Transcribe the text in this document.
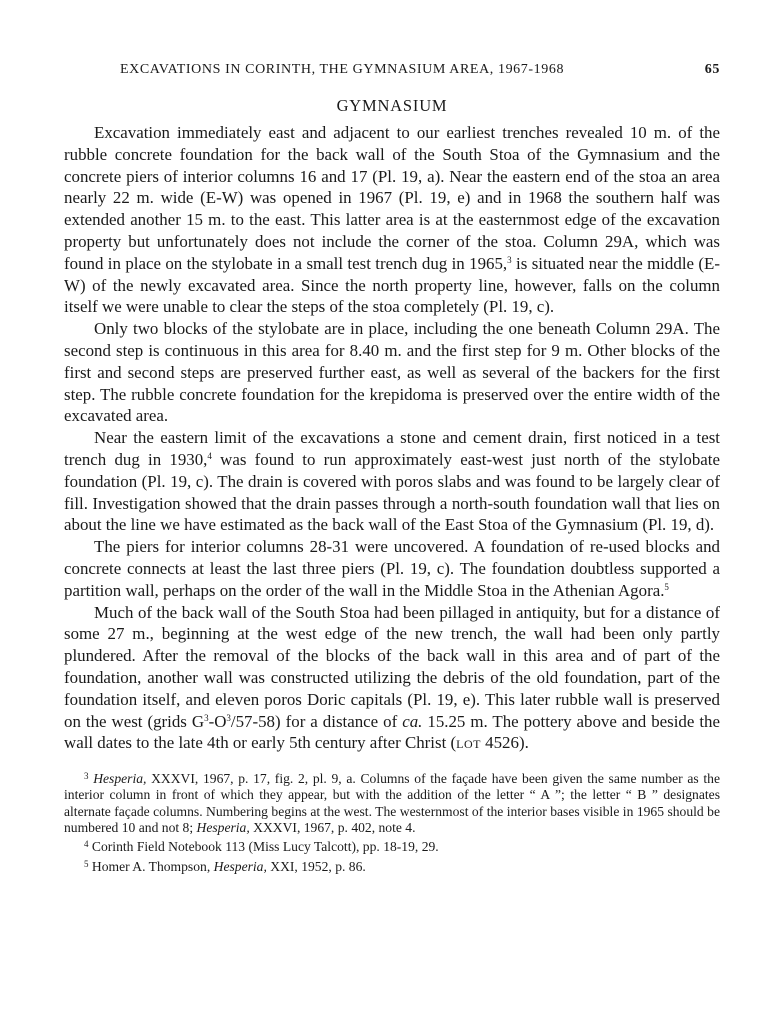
EXCAVATIONS IN CORINTH, THE GYMNASIUM AREA, 1967-1968	65
GYMNASIUM

Excavation immediately east and adjacent to our earliest trenches revealed 10 m. of the rubble concrete foundation for the back wall of the South Stoa of the Gymnasium and the concrete piers of interior columns 16 and 17 (Pl. 19, a). Near the eastern end of the stoa an area nearly 22 m. wide (E-W) was opened in 1967 (Pl. 19, e) and in 1968 the southern half was extended another 15 m. to the east. This latter area is at the easternmost edge of the excavation property but unfortunately does not include the corner of the stoa. Column 29A, which was found in place on the stylobate in a small test trench dug in 1965,$^3$ is situated near the middle (E-W) of the newly excavated area. Since the north property line, however, falls on the column itself we were unable to clear the steps of the stoa completely (Pl. 19, c).

Only two blocks of the stylobate are in place, including the one beneath Column 29A. The second step is continuous in this area for 8.40 m. and the first step for 9 m. Other blocks of the first and second steps are preserved further east, as well as several of the backers for the first step. The rubble concrete foundation for the krepidoma is preserved over the entire width of the excavated area.

Near the eastern limit of the excavations a stone and cement drain, first noticed in a test trench dug in 1930,$^4$ was found to run approximately east-west just north of the stylobate foundation (Pl. 19, c). The drain is covered with poros slabs and was found to be largely clear of fill. Investigation showed that the drain passes through a north-south foundation wall that lies on about the line we have estimated as the back wall of the East Stoa of the Gymnasium (Pl. 19, d).

The piers for interior columns 28-31 were uncovered. A foundation of re-used blocks and concrete connects at least the last three piers (Pl. 19, c). The foundation doubtless supported a partition wall, perhaps on the order of the wall in the Middle Stoa in the Athenian Agora.$^5$

Much of the back wall of the South Stoa had been pillaged in antiquity, but for a distance of some 27 m., beginning at the west edge of the new trench, the wall had been only partly plundered. After the removal of the blocks of the back wall in this area and of part of the foundation, another wall was constructed utilizing the debris of the old foundation, part of the foundation itself, and eleven poros Doric capitals (Pl. 19, e). This later rubble wall is preserved on the west (grids $G^3-O^3/57-58$) for a distance of ca. 15.25 m. The pottery above and beside the wall dates to the late 4th or early 5th century after Christ (LOT 4526).

$^3$ Hesperia, XXXVI, 1967, p. 17, fig. 2, pl. 9, a. Columns of the façade have been given the same number as the interior column in front of which they appear, but with the addition of the letter “ A ”; the letter “ B ” designates alternate façade columns. Numbering begins at the west. The westernmost of the interior bases visible in 1965 should be numbered 10 and not 8; Hesperia, XXXVI, 1967, p. 402, note 4.

$^4$ Corinth Field Notebook 113 (Miss Lucy Talcott), pp. 18-19, 29.

$^5$ Homer A. Thompson, Hesperia, XXI, 1952, p. 86.
